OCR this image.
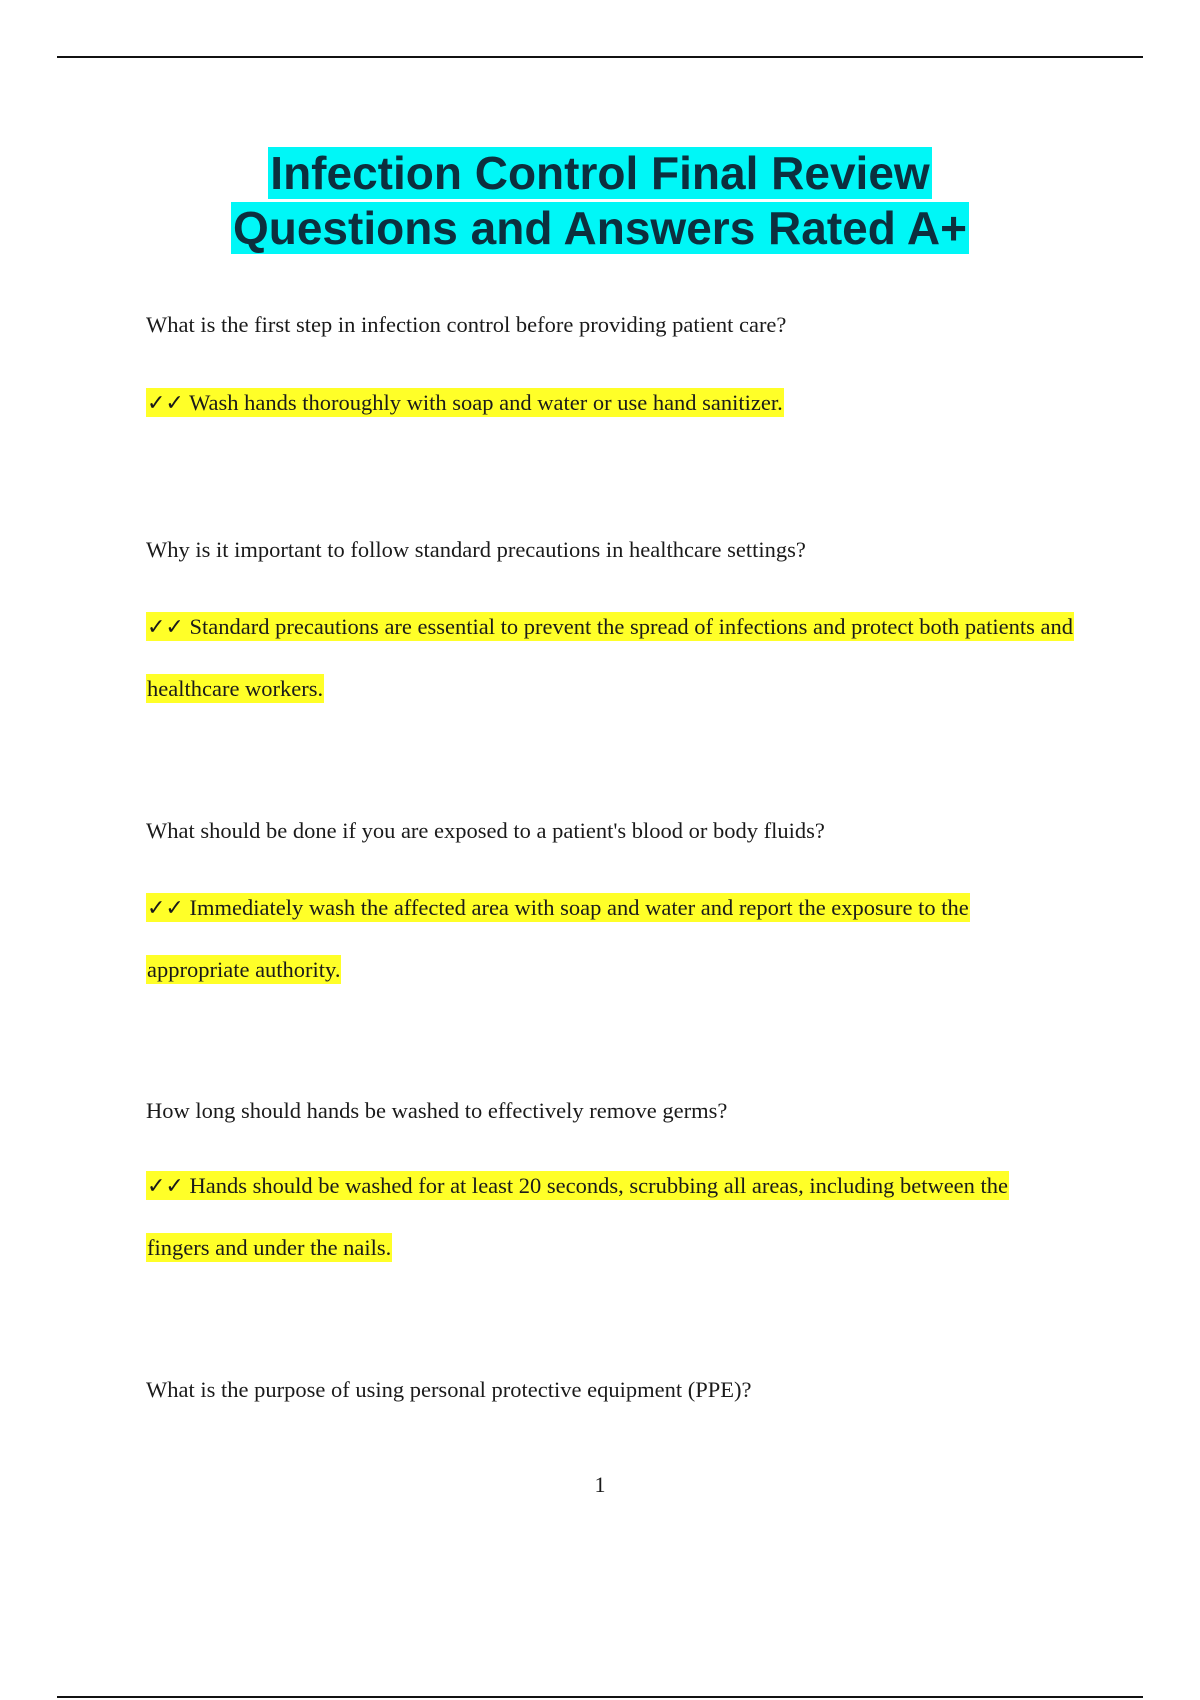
Infection Control Final Review
Questions and Answers Rated A+
What is the first step in infection control before providing patient care?
✓✓ Wash hands thoroughly with soap and water or use hand sanitizer.
Why is it important to follow standard precautions in healthcare settings?
✓✓ Standard precautions are essential to prevent the spread of infections and protect both patients and healthcare workers.
What should be done if you are exposed to a patient's blood or body fluids?
✓✓ Immediately wash the affected area with soap and water and report the exposure to the appropriate authority.
How long should hands be washed to effectively remove germs?
✓✓ Hands should be washed for at least 20 seconds, scrubbing all areas, including between the fingers and under the nails.
What is the purpose of using personal protective equipment (PPE)?
1
